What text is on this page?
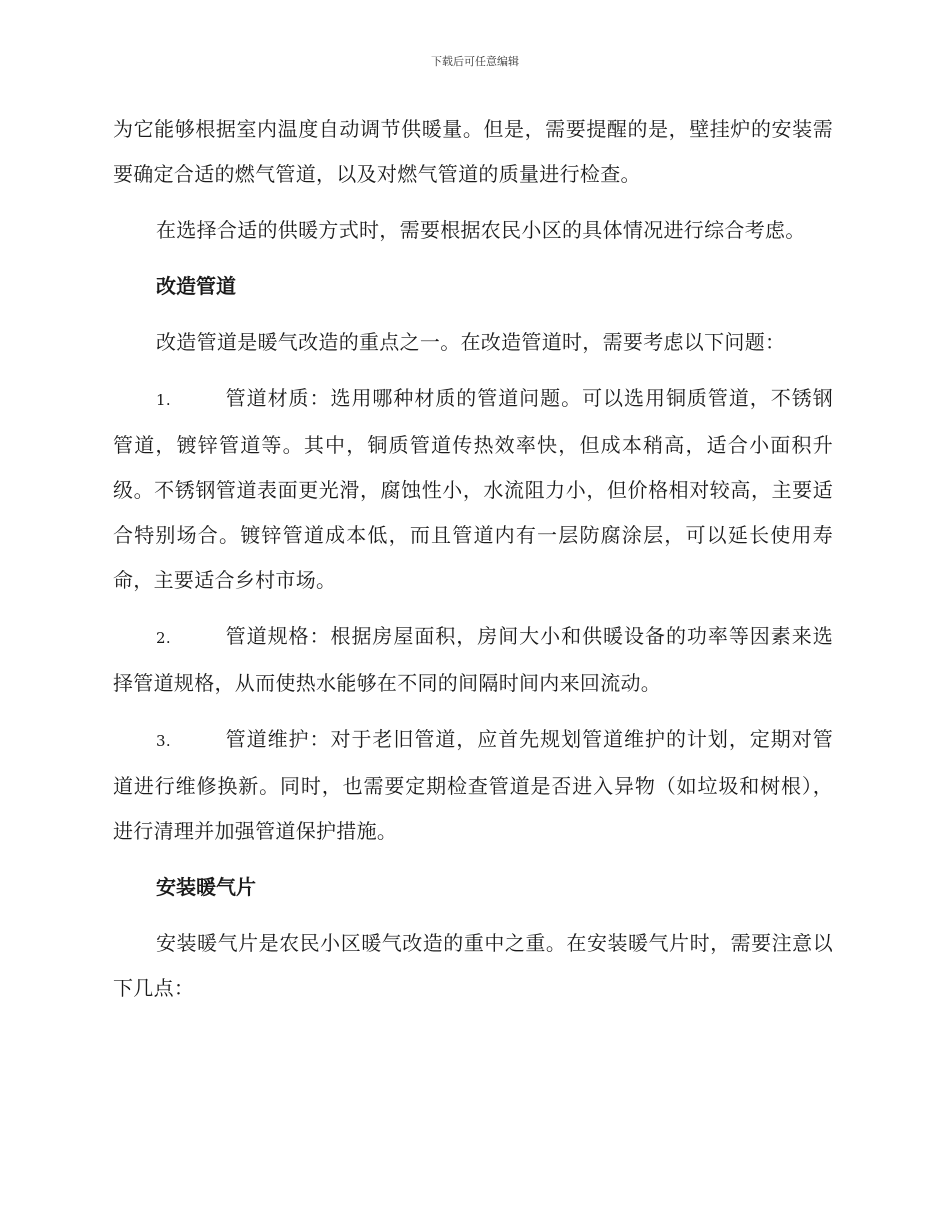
下载后可任意编辑

为它能够根据室内温度自动调节供暖量。但是，需要提醒的是，壁挂炉的安装需要确定合适的燃气管道，以及对燃气管道的质量进行检查。

在选择合适的供暖方式时，需要根据农民小区的具体情况进行综合考虑。

改造管道

改造管道是暖气改造的重点之一。在改造管道时，需要考虑以下问题：

1.	管道材质：选用哪种材质的管道问题。可以选用铜质管道，不锈钢管道，镀锌管道等。其中，铜质管道传热效率快，但成本稍高，适合小面积升级。不锈钢管道表面更光滑，腐蚀性小，水流阻力小，但价格相对较高，主要适合特别场合。镀锌管道成本低，而且管道内有一层防腐涂层，可以延长使用寿命，主要适合乡村市场。

2.	管道规格：根据房屋面积，房间大小和供暖设备的功率等因素来选择管道规格，从而使热水能够在不同的间隔时间内来回流动。

3.	管道维护：对于老旧管道，应首先规划管道维护的计划，定期对管道进行维修换新。同时，也需要定期检查管道是否进入异物（如垃圾和树根），进行清理并加强管道保护措施。

安装暖气片

安装暖气片是农民小区暖气改造的重中之重。在安装暖气片时，需要注意以下几点：
